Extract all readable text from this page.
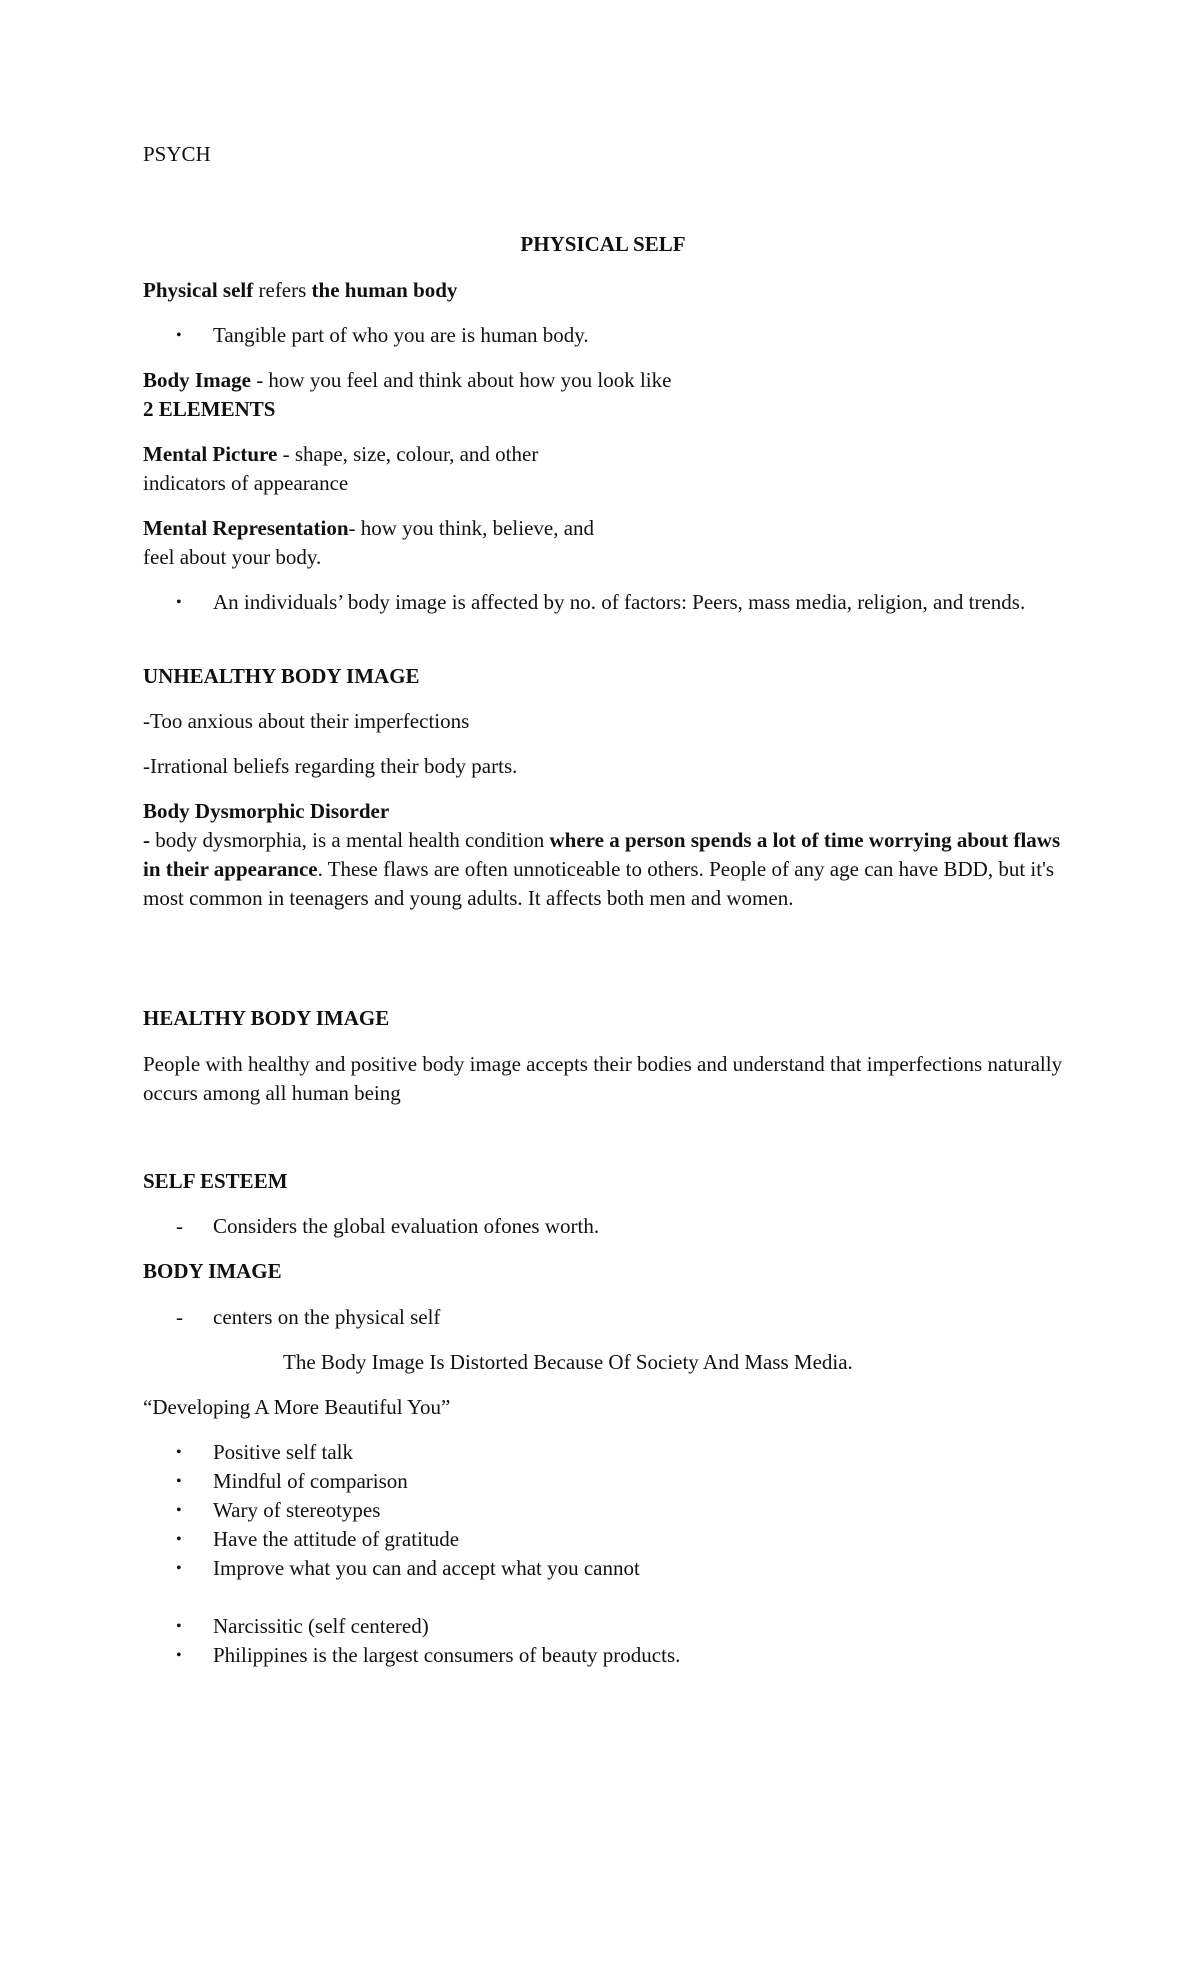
PSYCH
PHYSICAL SELF
Physical self refers the human body
•	Tangible part of who you are is human body.
Body Image - how you feel and think about how you look like
2 ELEMENTS
Mental Picture - shape, size, colour, and other
indicators of appearance
Mental Representation- how you think, believe, and
feel about your body.
•	An individuals’ body image is affected by no. of factors: Peers, mass media, religion, and trends.
UNHEALTHY BODY IMAGE
-Too anxious about their imperfections
-Irrational beliefs regarding their body parts.
Body Dysmorphic Disorder
- body dysmorphia, is a mental health condition where a person spends a lot of time worrying about flaws in their appearance. These flaws are often unnoticeable to others. People of any age can have BDD, but it's most common in teenagers and young adults. It affects both men and women.
HEALTHY BODY IMAGE
People with healthy and positive body image accepts their bodies and understand that imperfections naturally occurs among all human being
SELF ESTEEM
-	Considers the global evaluation ofones worth.
BODY IMAGE
-	centers on the physical self
The Body Image Is Distorted Because Of Society And Mass Media.
“Developing A More Beautiful You”
•	Positive self talk
•	Mindful of comparison
•	Wary of stereotypes
•	Have the attitude of gratitude
•	Improve what you can and accept what you cannot
•	Narcissitic (self centered)
•	Philippines is the largest consumers of beauty products.
